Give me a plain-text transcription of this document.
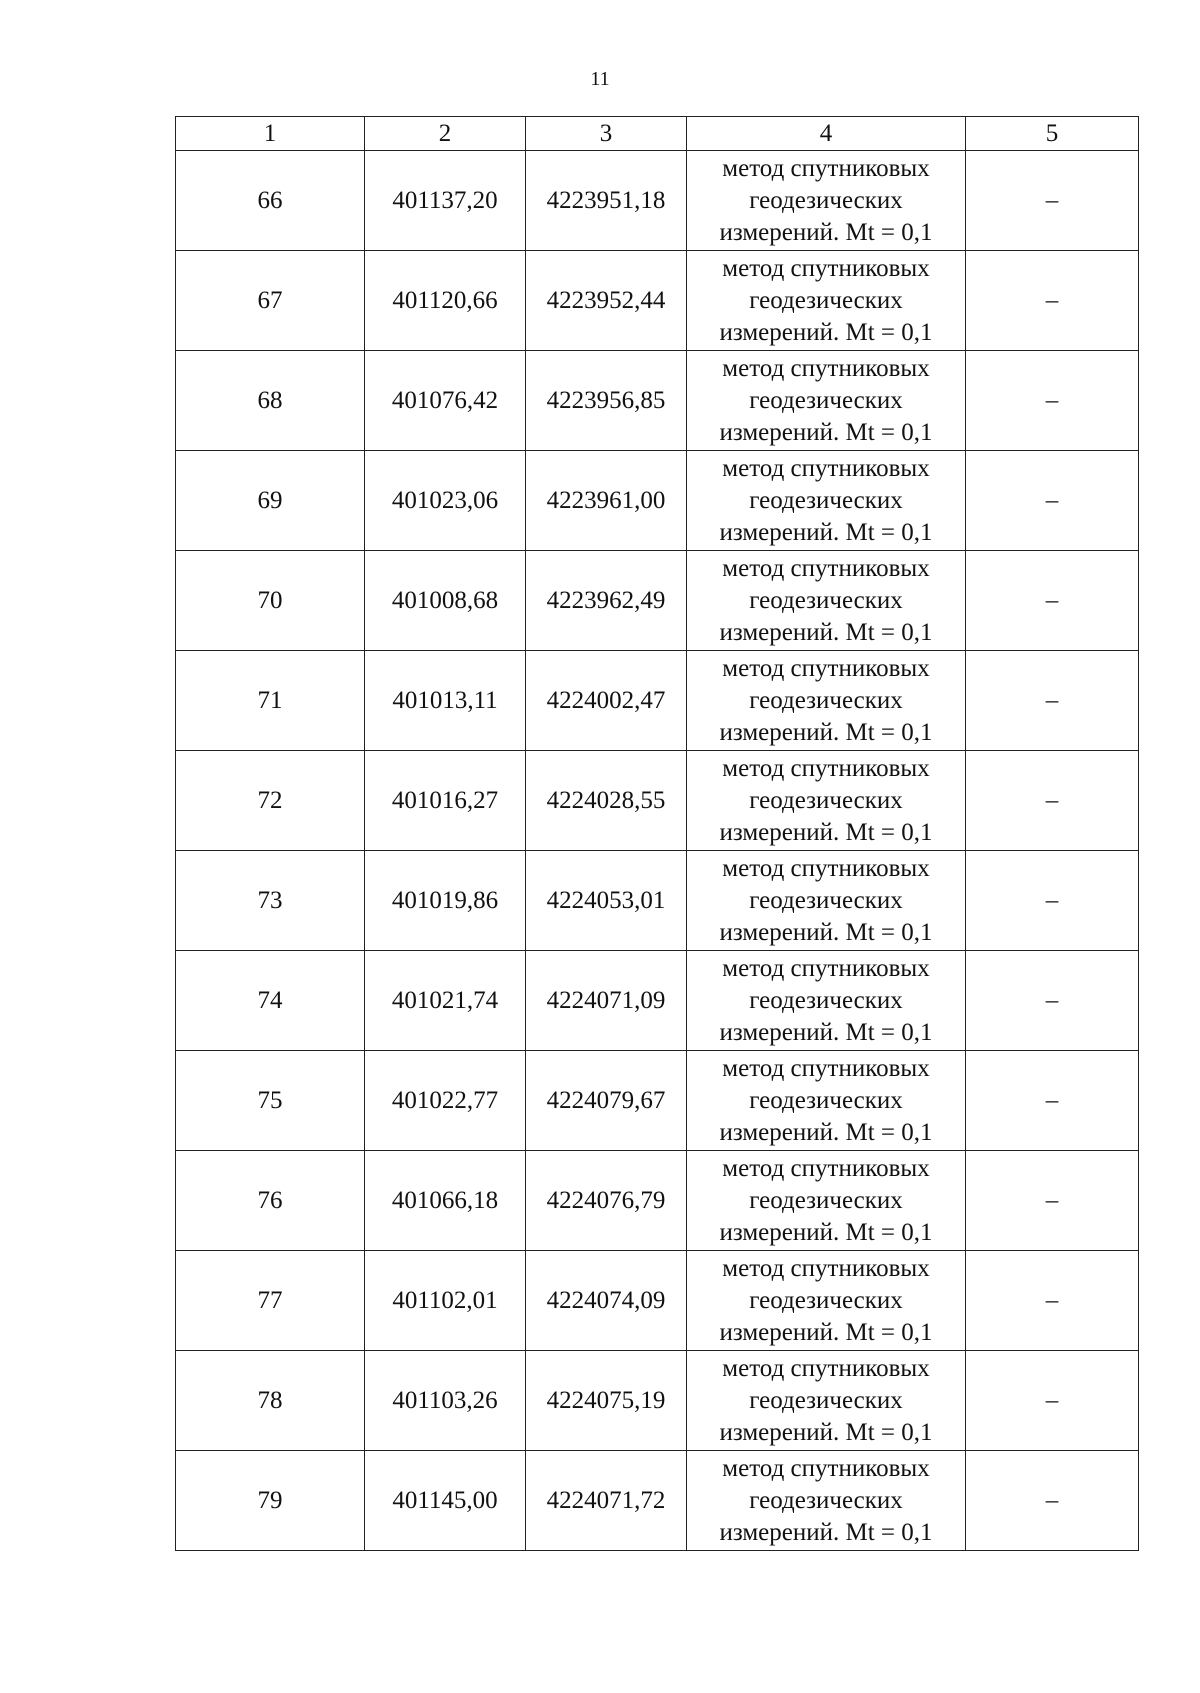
11
1	2	3	4	5
66	401137,20	4223951,18	метод спутниковых
геодезических
измерений. Mt = 0,1	–
67	401120,66	4223952,44	метод спутниковых
геодезических
измерений. Mt = 0,1	–
68	401076,42	4223956,85	метод спутниковых
геодезических
измерений. Mt = 0,1	–
69	401023,06	4223961,00	метод спутниковых
геодезических
измерений. Mt = 0,1	–
70	401008,68	4223962,49	метод спутниковых
геодезических
измерений. Mt = 0,1	–
71	401013,11	4224002,47	метод спутниковых
геодезических
измерений. Mt = 0,1	–
72	401016,27	4224028,55	метод спутниковых
геодезических
измерений. Mt = 0,1	–
73	401019,86	4224053,01	метод спутниковых
геодезических
измерений. Mt = 0,1	–
74	401021,74	4224071,09	метод спутниковых
геодезических
измерений. Mt = 0,1	–
75	401022,77	4224079,67	метод спутниковых
геодезических
измерений. Mt = 0,1	–
76	401066,18	4224076,79	метод спутниковых
геодезических
измерений. Mt = 0,1	–
77	401102,01	4224074,09	метод спутниковых
геодезических
измерений. Mt = 0,1	–
78	401103,26	4224075,19	метод спутниковых
геодезических
измерений. Mt = 0,1	–
79	401145,00	4224071,72	метод спутниковых
геодезических
измерений. Mt = 0,1	–
